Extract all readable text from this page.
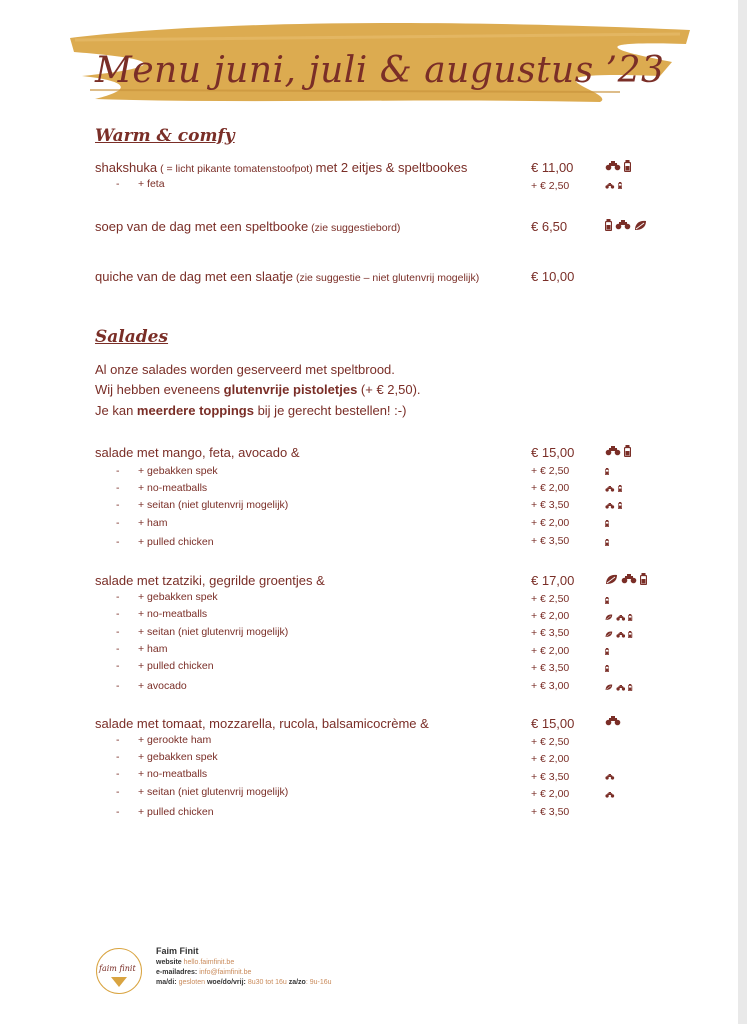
Menu juni, juli & augustus ’23
Warm & comfy
shakshuka ( = licht pikante tomatenstoofpot) met 2 eitjes & speltbookes	€ 11,00
- + feta	+ € 2,50
soep van de dag met een speltbooke (zie suggestiebord)	€ 6,50
quiche van de dag met een slaatje (zie suggestie – niet glutenvrij mogelijk)	€ 10,00
Salades
Al onze salades worden geserveerd met speltbrood.
Wij hebben eveneens glutenvrije pistoletjes (+ € 2,50).
Je kan meerdere toppings bij je gerecht bestellen! :-)
salade met mango, feta, avocado &	€ 15,00
- + gebakken spek	+ € 2,50
- + no-meatballs	+ € 2,00
- + seitan (niet glutenvrij mogelijk)	+ € 3,50
- + ham	+ € 2,00
- + pulled chicken	+ € 3,50
salade met tzatziki, gegrilde groentjes &	€ 17,00
- + gebakken spek	+ € 2,50
- + no-meatballs	+ € 2,00
- + seitan (niet glutenvrij mogelijk)	+ € 3,50
- + ham	+ € 2,00
- + pulled chicken	+ € 3,50
- + avocado	+ € 3,00
salade met tomaat, mozzarella, rucola, balsamicocrème &	€ 15,00
- + gerookte ham	+ € 2,50
- + gebakken spek	+ € 2,00
- + no-meatballs	+ € 3,50
- + seitan (niet glutenvrij mogelijk)	+ € 2,00
- + pulled chicken	+ € 3,50
faim finit
Faim Finit
website hello.faimfinit.be
e-mailadres: info@faimfinit.be
ma/di: gesloten woe/do/vrij: 8u30 tot 16u za/zo: 9u-16u
